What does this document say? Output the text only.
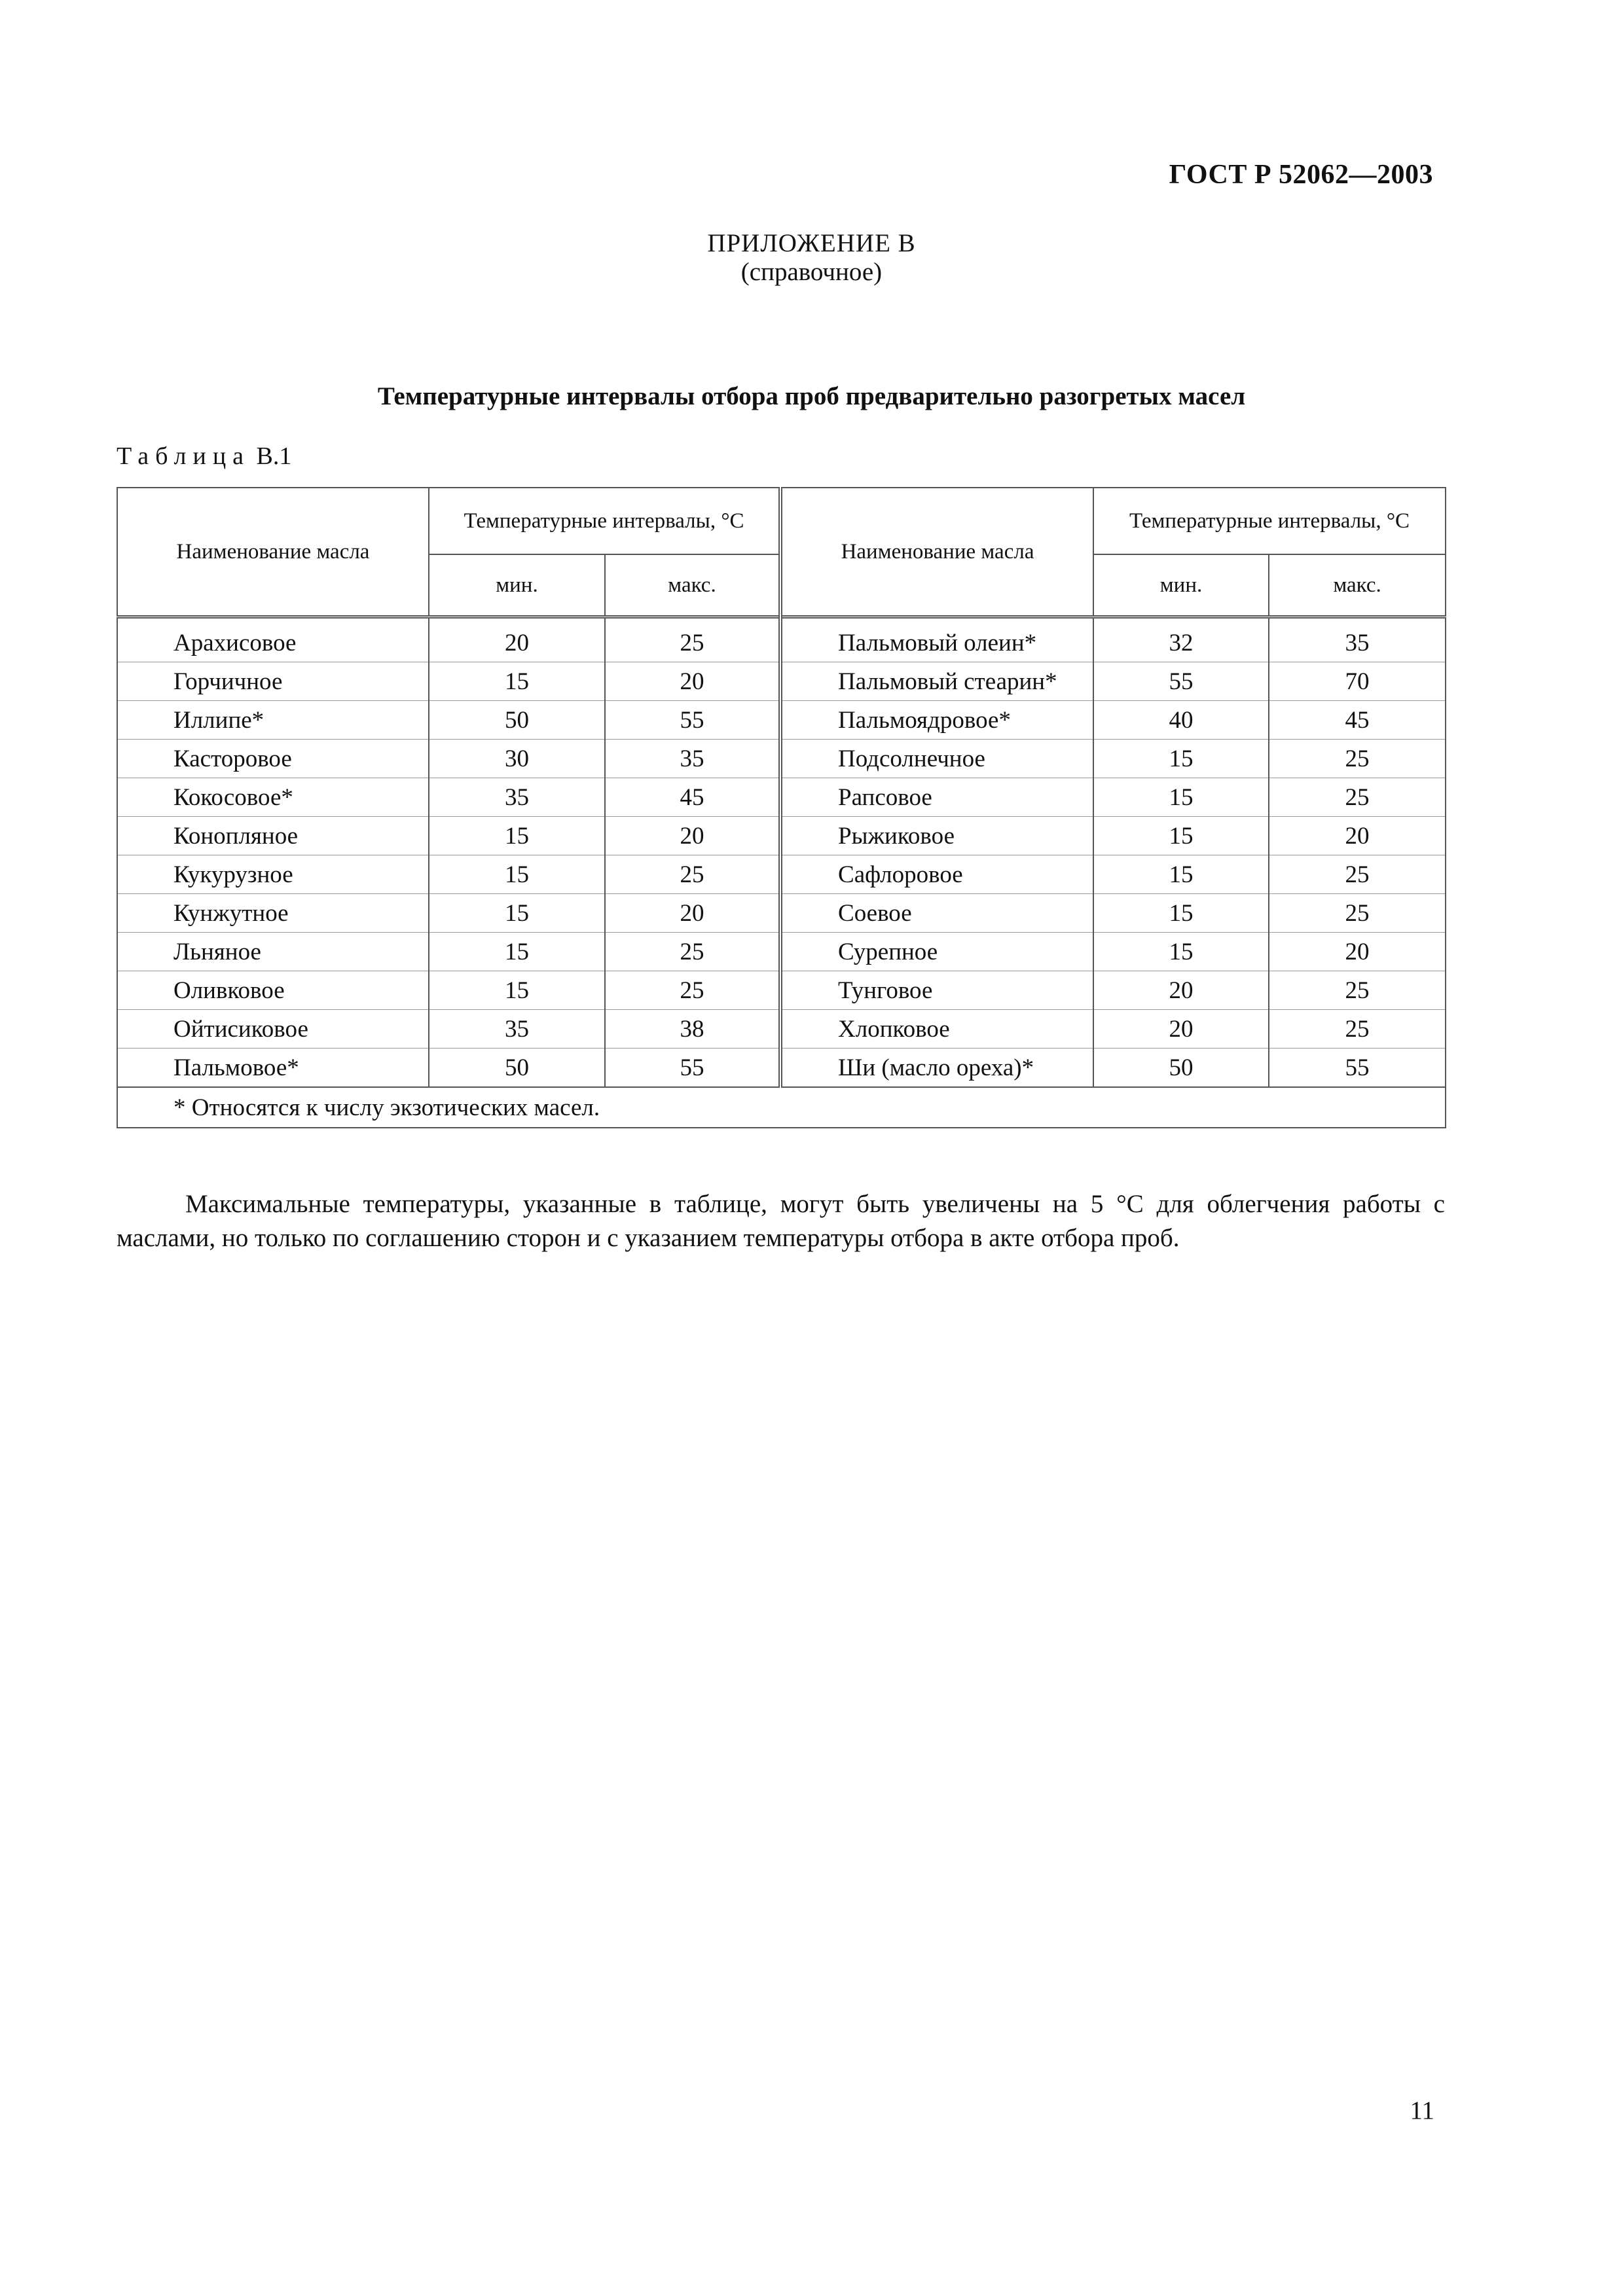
ГОСТ Р 52062—2003
ПРИЛОЖЕНИЕ В
(справочное)
Температурные интервалы отбора проб предварительно разогретых масел
Таблица В.1
Наименование масла	Температурные интервалы, °С		Наименование масла	Температурные интервалы, °С	
	мин.	макс.		мин.	макс.
Арахисовое	20	25	Пальмовый олеин*	32	35
Горчичное	15	20	Пальмовый стеарин*	55	70
Иллипе*	50	55	Пальмоядровое*	40	45
Касторовое	30	35	Подсолнечное	15	25
Кокосовое*	35	45	Рапсовое	15	25
Конопляное	15	20	Рыжиковое	15	20
Кукурузное	15	25	Сафлоровое	15	25
Кунжутное	15	20	Соевое	15	25
Льняное	15	25	Сурепное	15	20
Оливковое	15	25	Тунговое	20	25
Ойтисиковое	35	38	Хлопковое	20	25
Пальмовое*	50	55	Ши (масло ореха)*	50	55
* Относятся к числу экзотических масел.					

Максимальные температуры, указанные в таблице, могут быть увеличены на 5 °С для облегчения работы с маслами, но только по соглашению сторон и с указанием температуры отбора в акте отбора проб.

11
